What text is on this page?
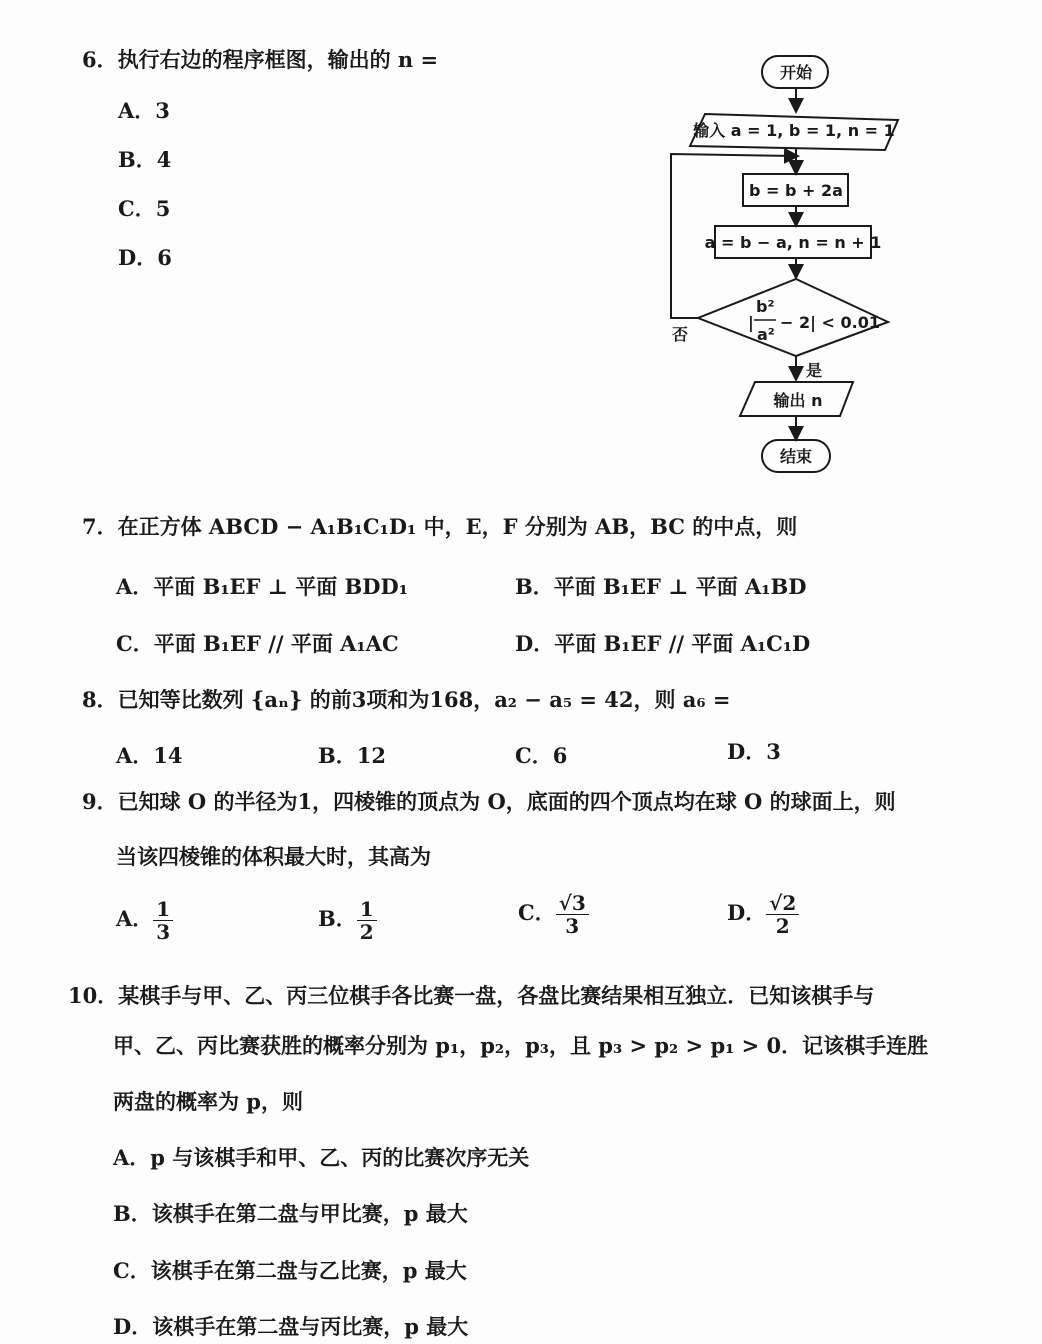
6．执行右边的程序框图，输出的 n =
A．3
B．4
C．5
D．6
开始
输入 a = 1, b = 1, n = 1
b = b + 2a
a = b − a, n = n + 1
|
b²
a²
− 2| < 0.01
否
是
输出 n
结束
7．在正方体 ABCD − A₁B₁C₁D₁ 中，E，F 分别为 AB，BC 的中点，则
A．平面 B₁EF ⊥ 平面 BDD₁	B．平面 B₁EF ⊥ 平面 A₁BD
C．平面 B₁EF // 平面 A₁AC	D．平面 B₁EF // 平面 A₁C₁D
8．已知等比数列 {aₙ} 的前3项和为168，a₂ − a₅ = 42，则 a₆ =
A．14	B．12	C．6	D．3
9．已知球 O 的半径为1，四棱锥的顶点为 O，底面的四个顶点均在球 O 的球面上，则
当该四棱锥的体积最大时，其高为
A． $\frac{1}{3}$	B． $\frac{1}{2}$	C． $\frac{√3}{3}$	D． $\frac{√2}{2}$
10．某棋手与甲、乙、丙三位棋手各比赛一盘，各盘比赛结果相互独立．已知该棋手与
甲、乙、丙比赛获胜的概率分别为 p₁，p₂，p₃，且 p₃ > p₂ > p₁ > 0．记该棋手连胜
两盘的概率为 p，则
A．p 与该棋手和甲、乙、丙的比赛次序无关
B．该棋手在第二盘与甲比赛，p 最大
C．该棋手在第二盘与乙比赛，p 最大
D．该棋手在第二盘与丙比赛，p 最大
